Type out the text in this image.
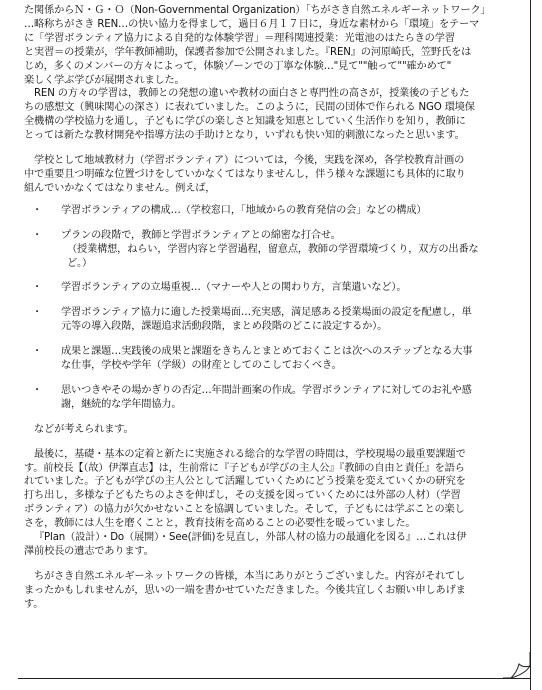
た関係からＮ・Ｇ・Ｏ（Non-Governmental Organization）「ちがさき自然エネルギーネットワーク」
…略称ちがさき REN…の快い協力を得まして，過日６月１７日に，身近な素材から「環境」をテーマ
に「学習ボランティア協力による自発的な体験学習」＝理科関連授業：光電池のはたらきの学習
と実習＝の授業が，学年教師補助，保護者参加で公開されました。『REN』の河原崎氏，笠野氏をは
じめ，多くのメンバーの方々によって，体験ゾーンでの丁寧な体験…"見て""触って""確かめて"
楽しく学ぶ学びが展開されました。

REN の方々の学習は，教師との発想の違いや教材の面白さと専門性の高さが，授業後の子どもた
ちの感想文（興味関心の深さ）に表れていました。このように，民間の団体で作られる NGO 環境保
全機構の学校協力を通し，子どもに学びの楽しさと知識を知恵としていく生活作りを知り，教師に
とっては新たな教材開発や指導方法の手助けとなり，いずれも快い知的刺激になったと思います。

学校として地域教材力（学習ボランティア）については，今後，実践を深め，各学校教育計画の
中で重要且つ明確な位置づけをしていかなくてはなりませんし，伴う様々な課題にも具体的に取り
組んでいかなくてはなりません。例えば，

・ 学習ボランティアの構成…（学校窓口，「地域からの教育発信の会」などの構成）
・ プランの段階で，教師と学習ボランティアとの綿密な打合せ。
（授業構想，ねらい，学習内容と学習過程，留意点，教師の学習環境づくり，双方の出番な
ど。）
・ 学習ボランティアの立場重視…（マナーや人との関わり方，言葉遣いなど）。
・ 学習ボランティア協力に適した授業場面…充実感，満足感ある授業場面の設定を配慮し，単
元等の導入段階，課題追求活動段階，まとめ段階のどこに設定するか）。
・ 成果と課題…実践後の成果と課題をきちんとまとめておくことは次へのステップとなる大事
な仕事，学校や学年（学級）の財産としてのこしておくべき。
・ 思いつきやその場かぎりの否定…年間計画案の作成。学習ボランティアに対してのお礼や感
謝，継続的な学年間協力。

などが考えられます。

最後に，基礎・基本の定着と新たに実施される総合的な学習の時間は，学校現場の最重要課題で
す。前校長【（故）伊澤直志】は，生前常に『子どもが学びの主人公』『教師の自由と責任』を語ら
れていました。子どもが学びの主人公として活躍していくためにどう授業を変えていくかの研究を
打ち出し，多様な子どもたちのよさを伸ばし，その支援を図っていくためには外部の人材）（学習
ボランティア）の協力が欠かせないことを協調していました。そして，子どもには学ぶことの楽し
さを，教師には人生を磨くことと，教育技術を高めることの必要性を暖っていました。
『Plan（設計）・Do（展開）・See(評価)を見直し，外部人材の協力の最適化を図る』…これは伊
澤前校長の遺志であります。

ちがさき自然エネルギーネットワークの皆様，本当にありがとうございました。内容がそれてし
まったかもしれませんが，思いの一端を書かせていただきました。今後共宜しくお願い申しあげま
す。
